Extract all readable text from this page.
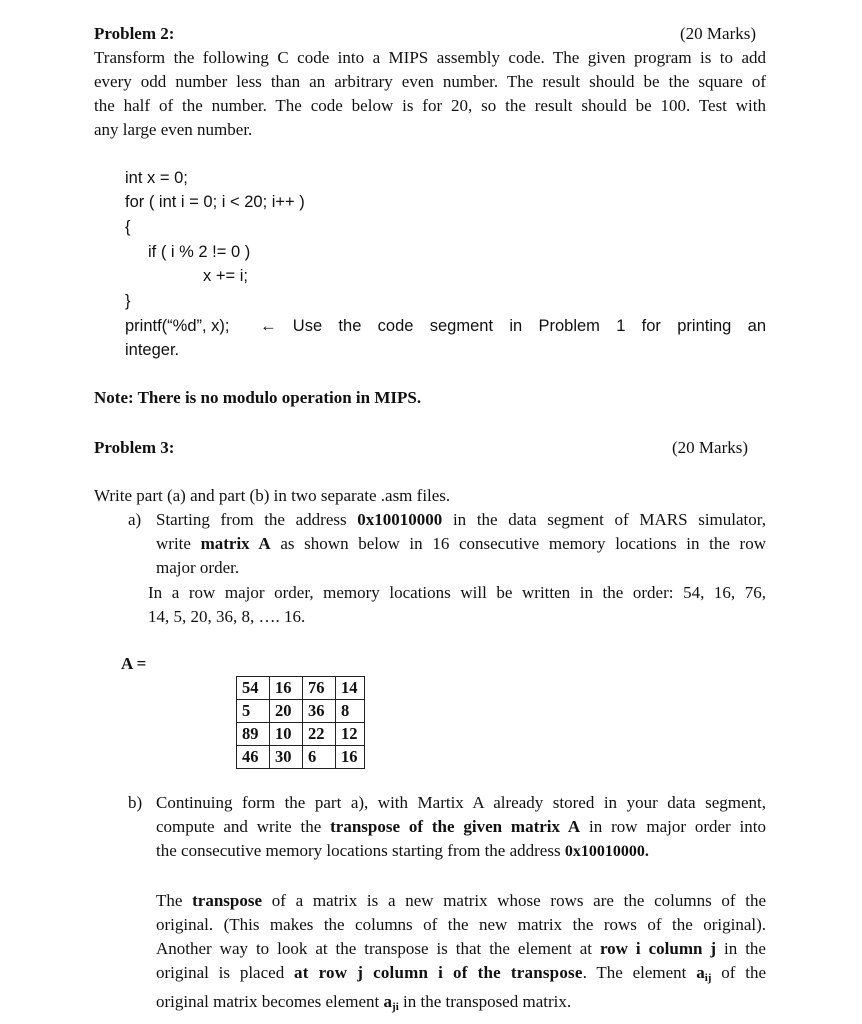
Problem 2:	(20 Marks)
Transform the following C code into a MIPS assembly code. The given program is to add
every odd number less than an arbitrary even number. The result should be the square of
the half of the number. The code below is for 20, so the result should be 100. Test with
any large even number.
int x = 0;
for ( int i = 0; i < 20; i++ )
{
if ( i % 2 != 0 )
x += i;
}
printf(“%d”, x); ← Use the code segment in Problem 1 for printing an
integer.
Note: There is no modulo operation in MIPS.
Problem 3:	(20 Marks)
Write part (a) and part (b) in two separate .asm files.
a) Starting from the address 0x10010000 in the data segment of MARS simulator,
write matrix A as shown below in 16 consecutive memory locations in the row
major order.
In a row major order, memory locations will be written in the order: 54, 16, 76,
14, 5, 20, 36, 8, …. 16.
A =
54	16	76	14
5	20	36	8
89	10	22	12
46	30	6	16
b) Continuing form the part a), with Martix A already stored in your data segment,
compute and write the transpose of the given matrix A in row major order into
the consecutive memory locations starting from the address 0x10010000.
The transpose of a matrix is a new matrix whose rows are the columns of the
original. (This makes the columns of the new matrix the rows of the original).
Another way to look at the transpose is that the element at row i column j in the
original is placed at row j column i of the transpose. The element $a_{ij}$ of the
original matrix becomes element $a_{ji}$ in the transposed matrix.
